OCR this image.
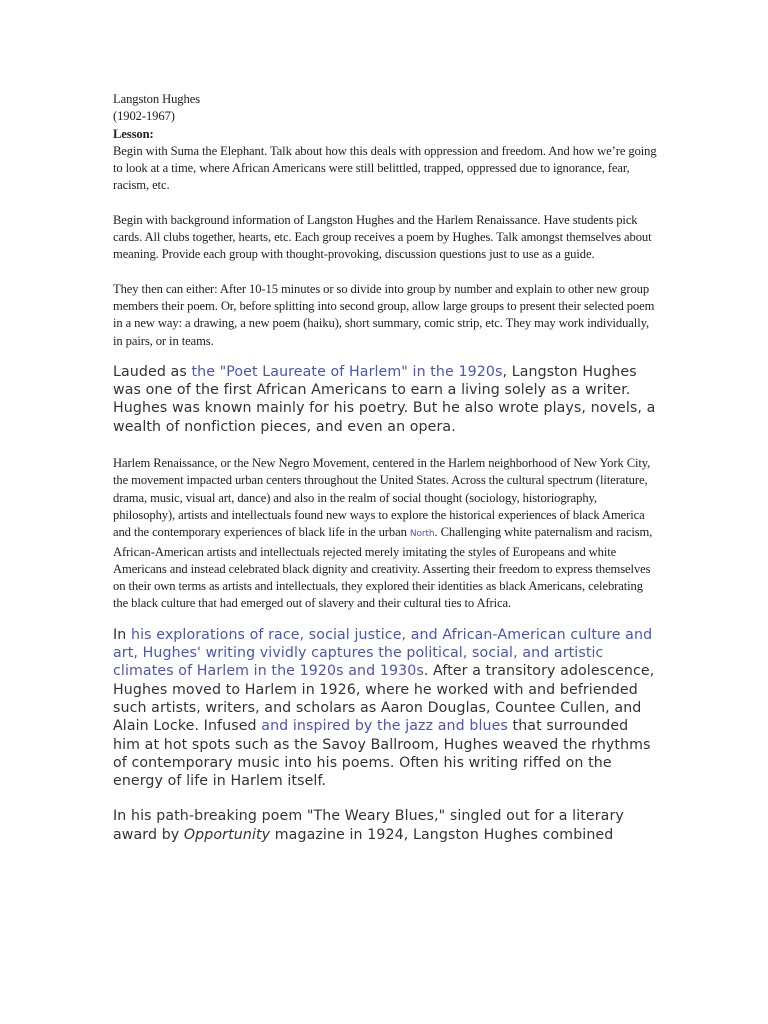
Langston Hughes

(1902-1967)

Lesson:

Begin with Suma the Elephant. Talk about how this deals with oppression and freedom. And how we’re going to look at a time, where African Americans were still belittled, trapped, oppressed due to ignorance, fear, racism, etc.

Begin with background information of Langston Hughes and the Harlem Renaissance. Have students pick cards. All clubs together, hearts, etc. Each group receives a poem by Hughes. Talk amongst themselves about meaning. Provide each group with thought-provoking, discussion questions just to use as a guide.

They then can either: After 10-15 minutes or so divide into group by number and explain to other new group members their poem. Or, before splitting into second group, allow large groups to present their selected poem in a new way: a drawing, a new poem (haiku), short summary, comic strip, etc. They may work individually, in pairs, or in teams.

Lauded as the "Poet Laureate of Harlem" in the 1920s, Langston Hughes was one of the first African Americans to earn a living solely as a writer. Hughes was known mainly for his poetry. But he also wrote plays, novels, a wealth of nonfiction pieces, and even an opera.

Harlem Renaissance, or the New Negro Movement, centered in the Harlem neighborhood of New York City, the movement impacted urban centers throughout the United States. Across the cultural spectrum (literature, drama, music, visual art, dance) and also in the realm of social thought (sociology, historiography, philosophy), artists and intellectuals found new ways to explore the historical experiences of black America and the contemporary experiences of black life in the urban North. Challenging white paternalism and racism, African-American artists and intellectuals rejected merely imitating the styles of Europeans and white Americans and instead celebrated black dignity and creativity. Asserting their freedom to express themselves on their own terms as artists and intellectuals, they explored their identities as black Americans, celebrating the black culture that had emerged out of slavery and their cultural ties to Africa.

In his explorations of race, social justice, and African-American culture and art, Hughes' writing vividly captures the political, social, and artistic climates of Harlem in the 1920s and 1930s. After a transitory adolescence, Hughes moved to Harlem in 1926, where he worked with and befriended such artists, writers, and scholars as Aaron Douglas, Countee Cullen, and Alain Locke. Infused and inspired by the jazz and blues that surrounded him at hot spots such as the Savoy Ballroom, Hughes weaved the rhythms of contemporary music into his poems. Often his writing riffed on the energy of life in Harlem itself.

In his path-breaking poem "The Weary Blues," singled out for a literary award by Opportunity magazine in 1924, Langston Hughes combined
